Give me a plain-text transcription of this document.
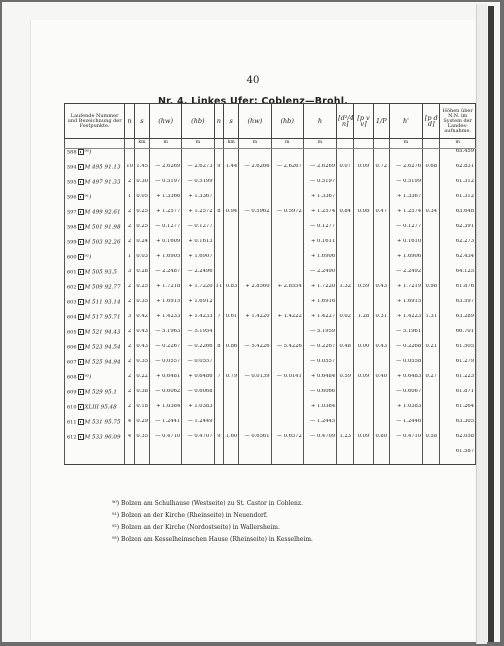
40
Nr. 4. Linkes Ufer: Coblenz—Brohl.
Laufende Nummer und Bezeichnung der Festpunkte.	n	s	(hw)	(hb)	n	s	(hw)	(hb)	h	[d²/4 n]	[p v v]	1/P	h'	[p d d]	Höhen über N.N. im System der Landes-aufnahme.
		km	m	m		km	m	m	m				m		m
588 ⁹⁰)															65.459
594 M 495 91.13	10	1.45	— 2.6269	— 2.6273	9	1.44	— 2.6266	— 2.6267	— 2.6269	0.07	0.09	0.72	— 2.6276	0.68	62.831
595 M 497 91.33	2	0.30	— 0.5197	— 0.5199					— 0.5197				— 0.5199		61.312
596 ⁹¹)	1	0.05	+ 1.3366	+ 1.3367					+ 1.3367				+ 1.3367		61.312
597 M 499 92.61	2	0.25	+ 1.2577	+ 1.2572	8	0.94	— 0.5962	— 0.5972	+ 1.2574	0.84	0.08	0.47	+ 1.2574	0.34	63.648
598 M 501 91.98	2	0.25	— 0.1277	— 0.1277					— 0.1277				— 0.1277		62.391
599 M 503 92.26	2	0.24	+ 0.1609	+ 0.1613					+ 0.1611				+ 0.1610		62.273
600 ⁹²)	1	0.03	+ 1.6905	+ 1.6907					+ 1.6906				+ 1.6906		62.434
601 M 505 93.5	3	0.28	— 2.2487	— 2.2496					— 2.2490				— 2.2492		64.125
602 M 509 92.77	2	0.25	+ 1.7218	+ 1.7220	11	0.83	+ 2.8560	+ 2.8554	+ 1.7220	1.32	0.59	0.43	+ 1.7219	0.98	61.876
603 M 511 93.14	2	0.35	+ 1.6915	+ 1.6912					+ 1.6916				+ 1.6915		63.597
604 M 517 95.71	3	0.42	+ 1.4233	+ 1.4233	7	0.61	+ 1.4220	+ 1.4222	+ 1.4227	0.02	1.28	0.31	+ 1.4223	1.31	63.289
605 M 521 94.43	2	0.43	— 5.1963	— 5.1954					— 5.1959				— 5.1961		66.701
606 M 523 94.54	2	0.43	— 0.2267	— 0.2266	8	0.86	— 5.4226	— 5.4226	— 0.2267	0.48	0.00	0.43	— 0.2268	0.21	61.505
607 M 525 94.94	2	0.35	— 0.0557	— 0.0557					— 0.0557				— 0.0558		61.279
608 ⁹³)	2	0.22	+ 0.6481	+ 0.6486	7	0.79	— 0.0139	— 0.0141	+ 0.6484	0.59	0.09	0.40	+ 0.6483	0.27	61.223
609 M 529 95.1	2	0.38	— 0.6062	— 0.6068					— 0.6066				— 0.6067		61.871
610 XLIII 95.48	2	0.18	+ 1.0384	+ 1.0383					+ 1.0384				+ 1.0383		61.264
611 M 531 95.75	4	0.29	— 1.2441	— 1.2449					— 1.2445				— 1.2446		63.305
612 M 533 96.09	4	0.35	— 0.4710	— 0.4707	9	1.60	— 0.6561	— 0.6572	— 0.4709	1.23	0.09	0.80	— 0.4710	0.58	62.058
															61.587
⁹⁰) Bolzen am Schulhause (Westseite) zu St. Castor in Coblenz.
⁹¹) Bolzen an der Kirche (Rheinseite) in Neuendorf.
⁹²) Bolzen an der Kirche (Nordostseite) in Wallersheim.
⁹³) Bolzen am Kesselheimschen Hause (Rheinseite) in Kesselheim.
